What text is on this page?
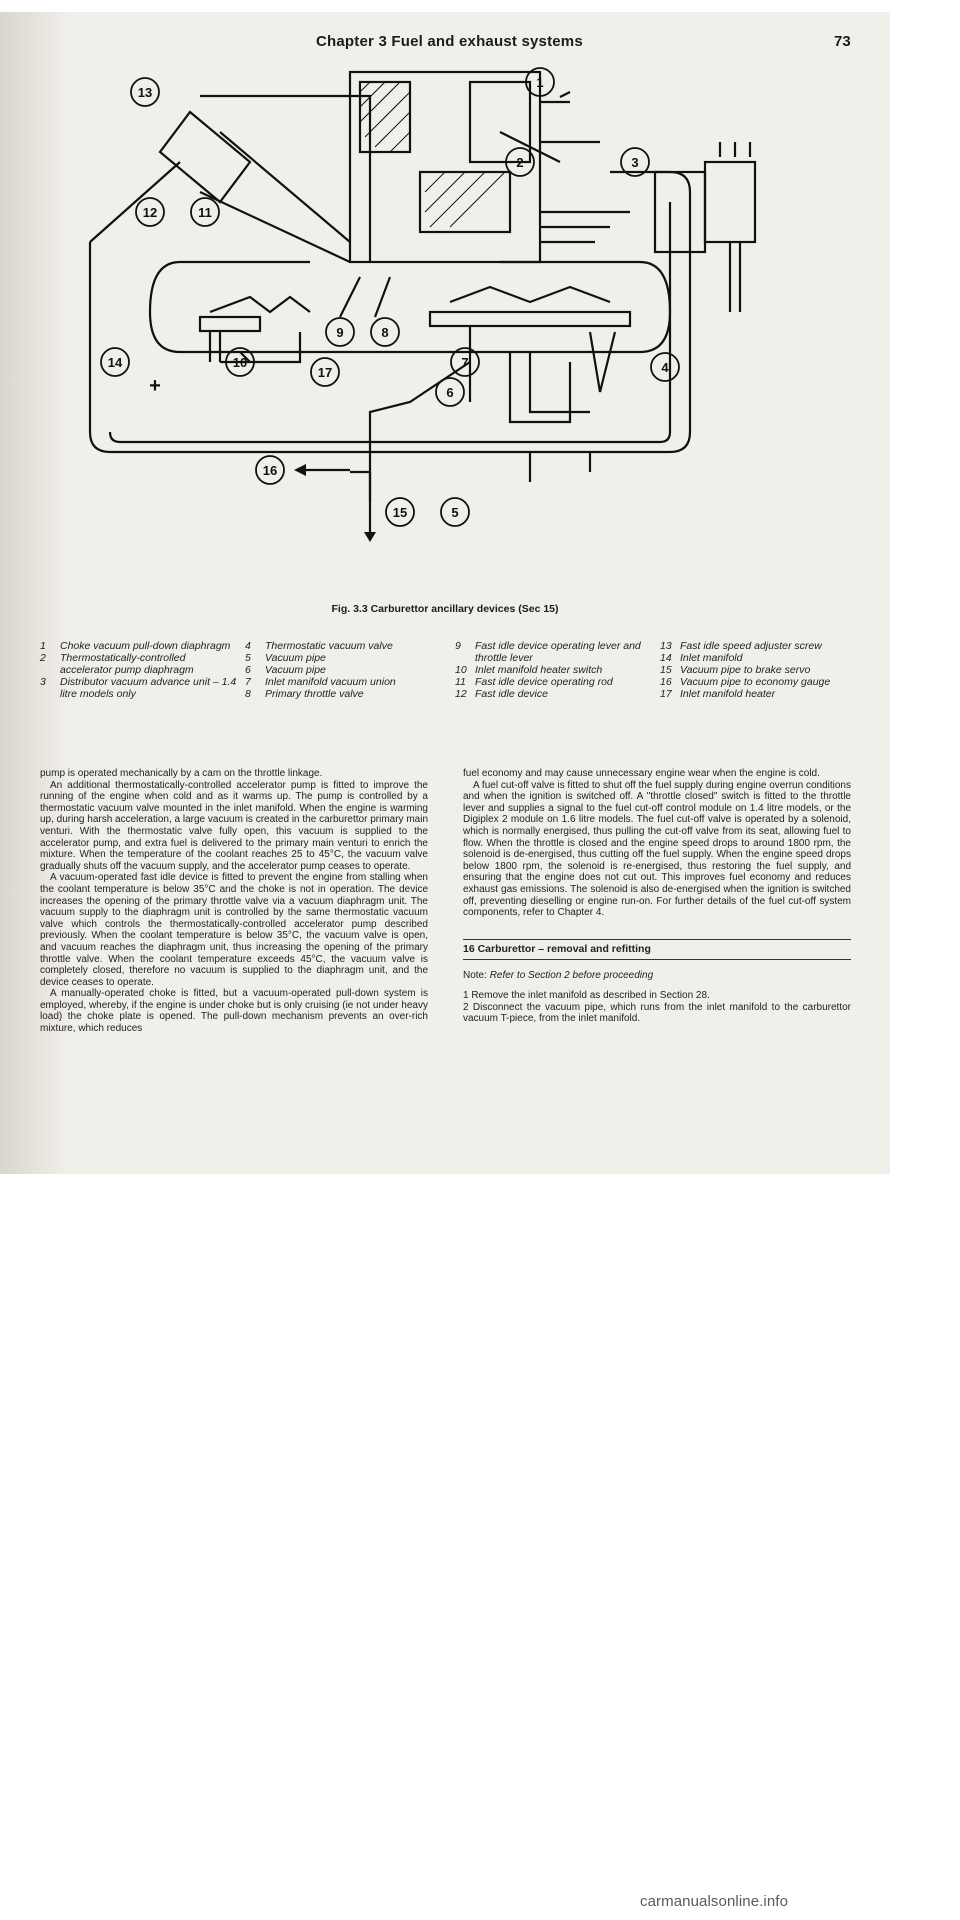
Chapter 3 Fuel and exhaust systems	73
13
1
2	3
12	11
9	8
10
14
17
7	4
6
16
15	5
+
Fig. 3.3 Carburettor ancillary devices (Sec 15)
1	Choke vacuum pull-down diaphragm
2	Thermostatically-controlled accelerator pump diaphragm
3	Distributor vacuum advance unit – 1.4 litre models only
4	Thermostatic vacuum valve
5	Vacuum pipe
6	Vacuum pipe
7	Inlet manifold vacuum union
8	Primary throttle valve
9	Fast idle device operating lever and throttle lever
10 Inlet manifold heater switch
11 Fast idle device operating rod
12 Fast idle device
13 Fast idle speed adjuster screw
14 Inlet manifold
15 Vacuum pipe to brake servo
16 Vacuum pipe to economy gauge
17 Inlet manifold heater

pump is operated mechanically by a cam on the throttle linkage.

An additional thermostatically-controlled accelerator pump is fitted to improve the running of the engine when cold and as it warms up. The pump is controlled by a thermostatic vacuum valve mounted in the inlet manifold. When the engine is warming up, during harsh acceleration, a large vacuum is created in the carburettor primary main venturi. With the thermostatic valve fully open, this vacuum is supplied to the accelerator pump, and extra fuel is delivered to the primary main venturi to enrich the mixture. When the temperature of the coolant reaches 25 to 45°C, the vacuum valve gradually shuts off the vacuum supply, and the accelerator pump ceases to operate.

A vacuum-operated fast idle device is fitted to prevent the engine from stalling when the coolant temperature is below 35°C and the choke is not in operation. The device increases the opening of the primary throttle valve via a vacuum diaphragm unit. The vacuum supply to the diaphragm unit is controlled by the same thermostatic vacuum valve which controls the thermostatically-controlled accelerator pump described previously. When the coolant temperature is below 35°C, the vacuum valve is open, and vacuum reaches the diaphragm unit, thus increasing the opening of the primary throttle valve. When the coolant temperature exceeds 45°C, the vacuum valve is completely closed, therefore no vacuum is supplied to the diaphragm unit, and the device ceases to operate.

A manually-operated choke is fitted, but a vacuum-operated pull-down system is employed, whereby, if the engine is under choke but is only cruising (ie not under heavy load) the choke plate is opened. The pull-down mechanism prevents an over-rich mixture, which reduces

fuel economy and may cause unnecessary engine wear when the engine is cold.

A fuel cut-off valve is fitted to shut off the fuel supply during engine overrun conditions and when the ignition is switched off. A "throttle closed" switch is fitted to the throttle lever and supplies a signal to the fuel cut-off control module on 1.4 litre models, or the Digiplex 2 module on 1.6 litre models. The fuel cut-off valve is operated by a solenoid, which is normally energised, thus pulling the cut-off valve from its seat, allowing fuel to flow. When the throttle is closed and the engine speed drops to around 1800 rpm, the solenoid is de-energised, thus cutting off the fuel supply. When the engine speed drops below 1800 rpm, the solenoid is re-energised, thus restoring the fuel supply, and ensuring that the engine does not cut out. This improves fuel economy and reduces exhaust gas emissions. The solenoid is also de-energised when the ignition is switched off, preventing dieselling or engine run-on. For further details of the fuel cut-off system components, refer to Chapter 4.

16 Carburettor – removal and refitting

Note: Refer to Section 2 before proceeding

1 Remove the inlet manifold as described in Section 28.

2 Disconnect the vacuum pipe, which runs from the inlet manifold to the carburettor vacuum T-piece, from the inlet manifold.

carmanualsonline.info
